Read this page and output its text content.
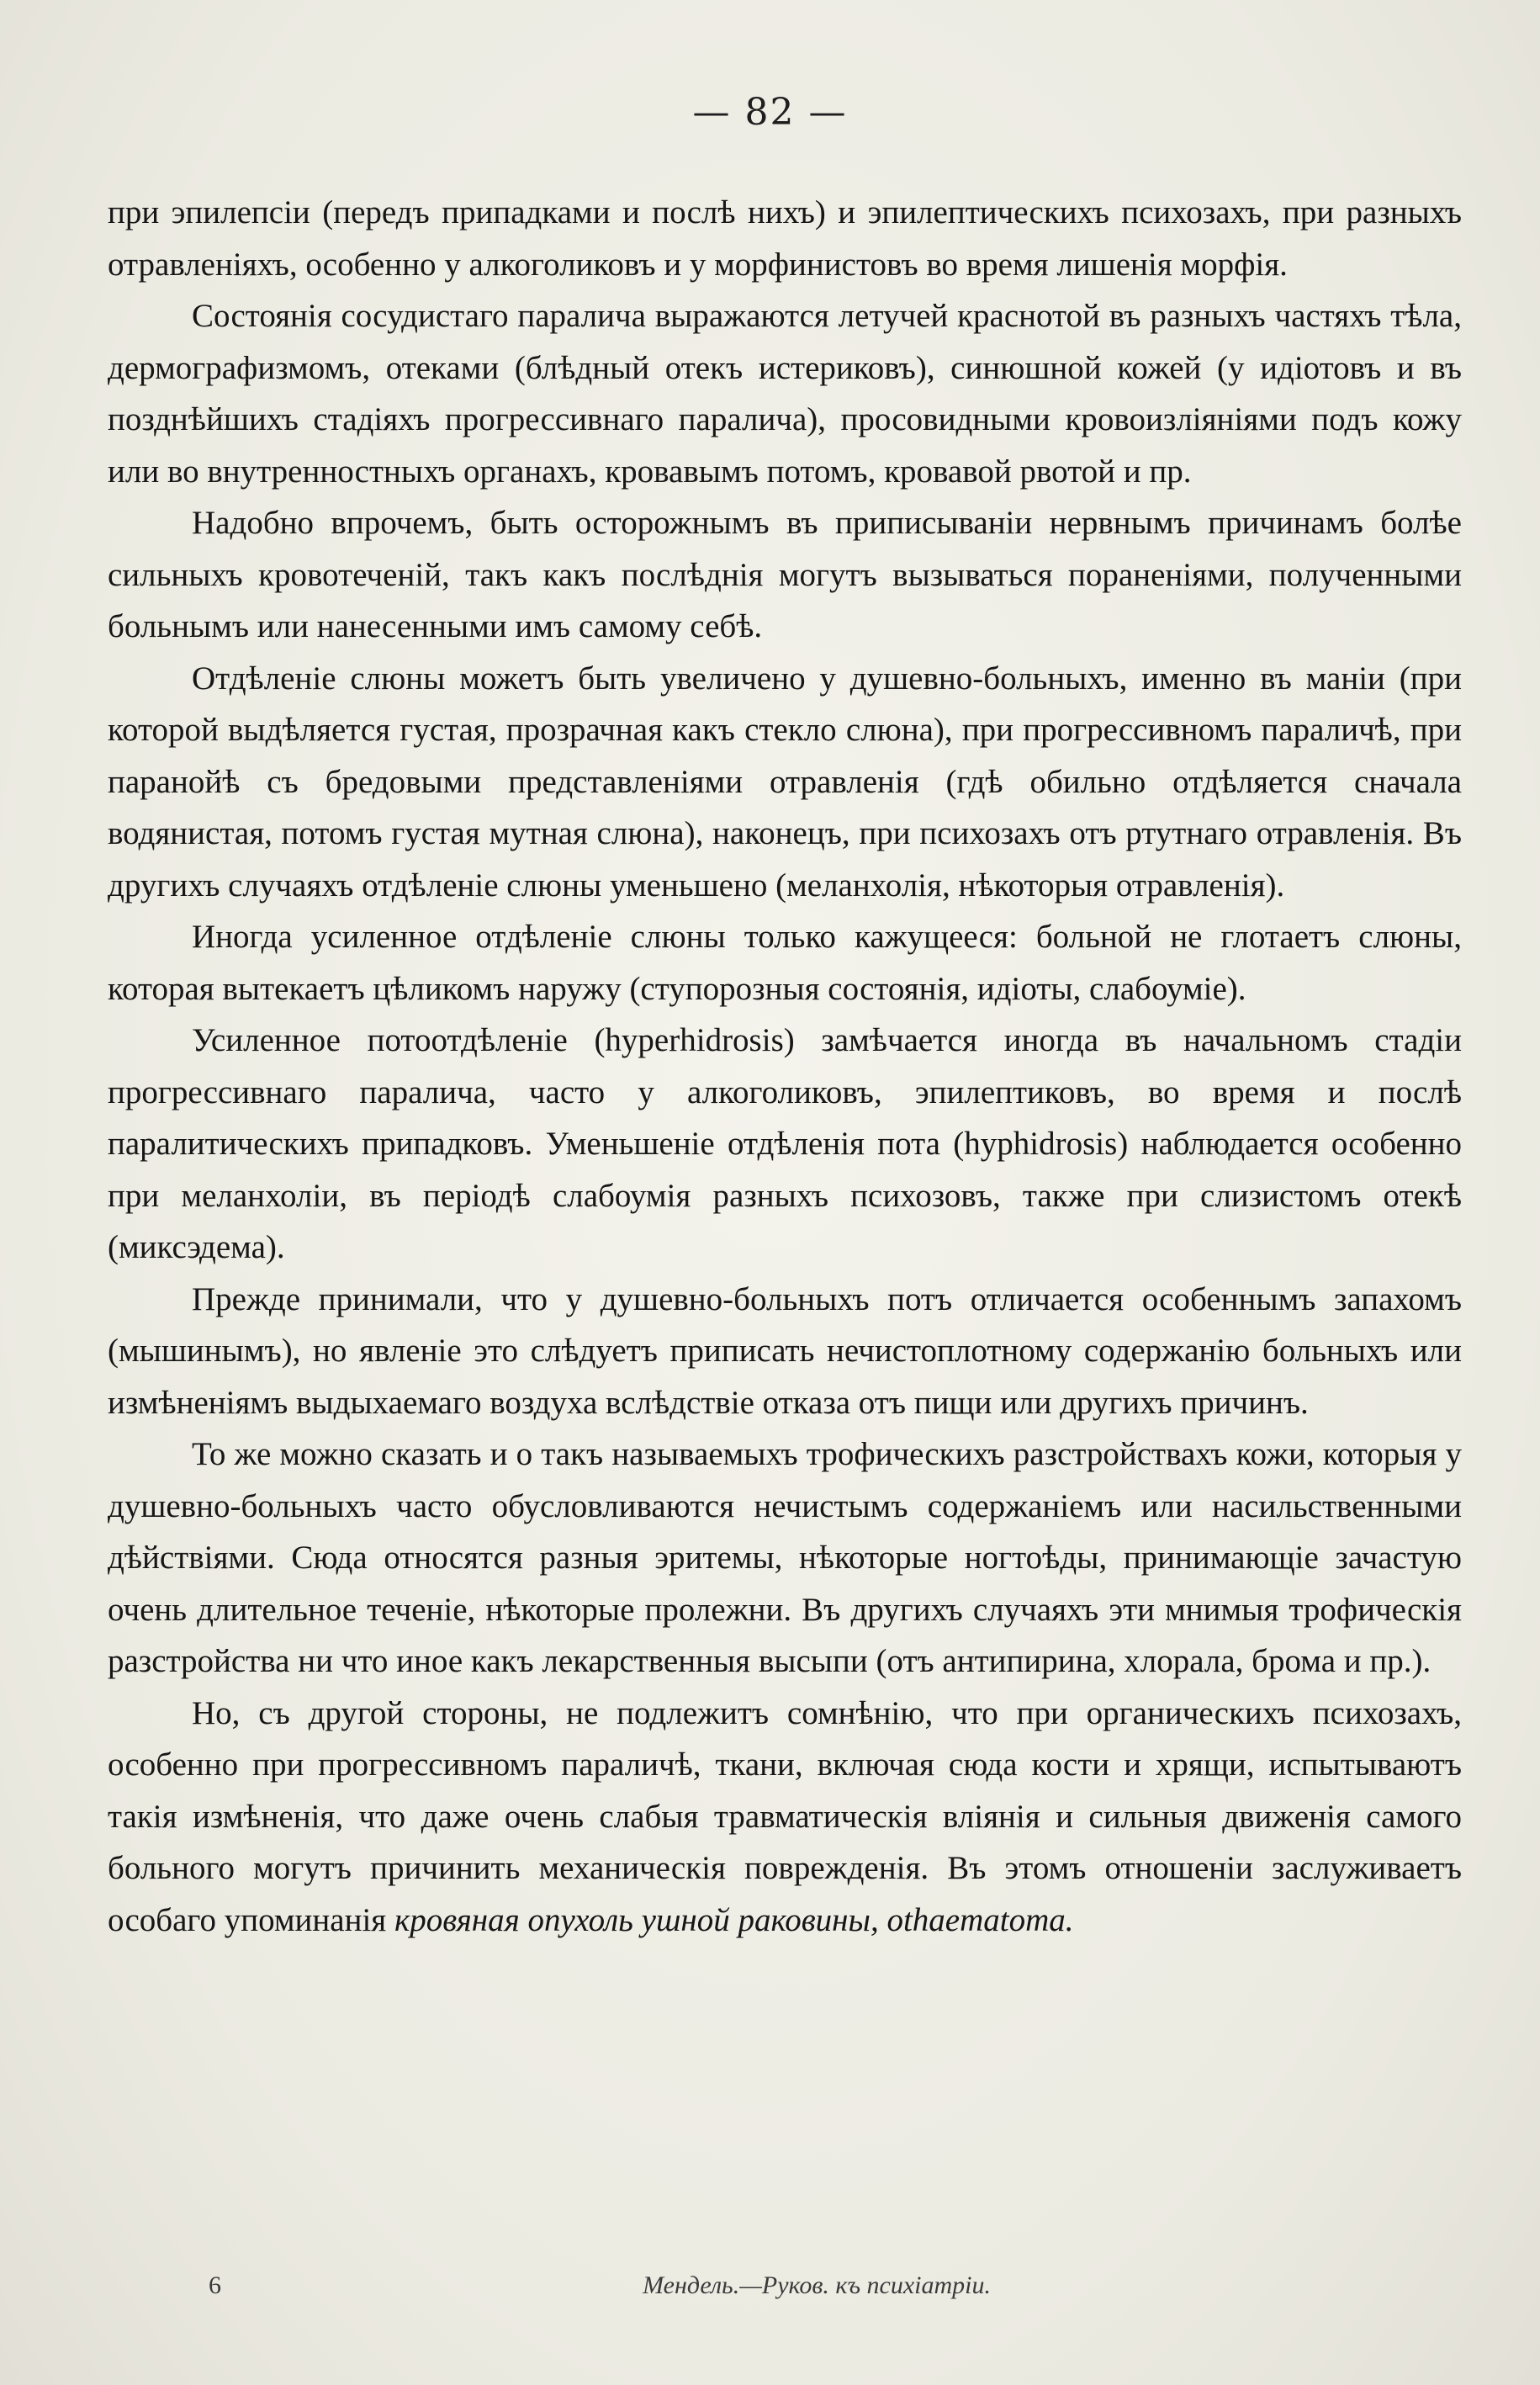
— 82 —

при эпилепсіи (передъ припадками и послѣ нихъ) и эпилептическихъ психозахъ, при разныхъ отравленіяхъ, особенно у алкоголиковъ и у морфинистовъ во время лишенія морфія.

Состоянія сосудистаго паралича выражаются летучей краснотой въ разныхъ частяхъ тѣла, дермографизмомъ, отеками (блѣдный отекъ истериковъ), синюшной кожей (у идіотовъ и въ позднѣйшихъ стадіяхъ прогрессивнаго паралича), просовидными кровоизліяніями подъ кожу или во внутренностныхъ органахъ, кровавымъ потомъ, кровавой рвотой и пр.

Надобно впрочемъ, быть осторожнымъ въ приписываніи нервнымъ причинамъ болѣе сильныхъ кровотеченій, такъ какъ послѣднія могутъ вызываться пораненіями, полученными больнымъ или нанесенными имъ самому себѣ.

Отдѣленіе слюны можетъ быть увеличено у душевно-больныхъ, именно въ маніи (при которой выдѣляется густая, прозрачная какъ стекло слюна), при прогрессивномъ параличѣ, при паранойѣ съ бредовыми представленіями отравленія (гдѣ обильно отдѣляется сначала водянистая, потомъ густая мутная слюна), наконецъ, при психозахъ отъ ртутнаго отравленія. Въ другихъ случаяхъ отдѣленіе слюны уменьшено (меланхолія, нѣкоторыя отравленія).

Иногда усиленное отдѣленіе слюны только кажущееся: больной не глотаетъ слюны, которая вытекаетъ цѣликомъ наружу (ступорозныя состоянія, идіоты, слабоуміе).

Усиленное потоотдѣленіе (hyperhidrosis) замѣчается иногда въ начальномъ стадіи прогрессивнаго паралича, часто у алкоголиковъ, эпилептиковъ, во время и послѣ паралитическихъ припадковъ. Уменьшеніе отдѣленія пота (hyphidrosis) наблюдается особенно при меланхоліи, въ періодѣ слабоумія разныхъ психозовъ, также при слизистомъ отекѣ (миксэдема).

Прежде принимали, что у душевно-больныхъ потъ отличается особеннымъ запахомъ (мышинымъ), но явленіе это слѣдуетъ приписать нечистоплотному содержанію больныхъ или измѣненіямъ выдыхаемаго воздуха вслѣдствіе отказа отъ пищи или другихъ причинъ.

То же можно сказать и о такъ называемыхъ трофическихъ разстройствахъ кожи, которыя у душевно-больныхъ часто обусловливаются нечистымъ содержаніемъ или насильственными дѣйствіями. Сюда относятся разныя эритемы, нѣкоторые ногтоѣды, принимающіе зачастую очень длительное теченіе, нѣкоторые пролежни. Въ другихъ случаяхъ эти мнимыя трофическія разстройства ни что иное какъ лекарственныя высыпи (отъ антипирина, хлорала, брома и пр.).

Но, съ другой стороны, не подлежитъ сомнѣнію, что при органическихъ психозахъ, особенно при прогрессивномъ параличѣ, ткани, включая сюда кости и хрящи, испытываютъ такія измѣненія, что даже очень слабыя травматическія вліянія и сильныя движенія самого больного могутъ причинить механическія поврежденія. Въ этомъ отношеніи заслуживаетъ особаго упоминанія кровяная опухоль ушной раковины, othaematoma.

6	Мендель.—Руков. къ психіатріи.
